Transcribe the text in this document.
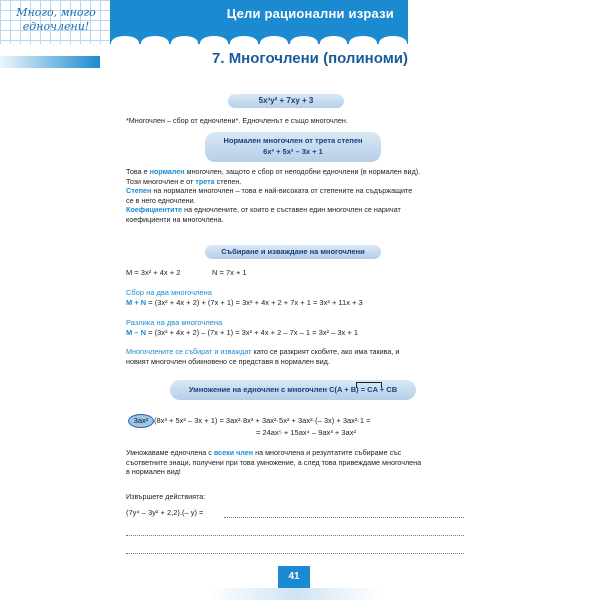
Много, много
едночлени!
Цели рационални изрази
7. Многочлени (полиноми)
5x³y² + 7xy + 3
*Многочлен – сбор от едночлени*. Едночленът е също многочлен.
Нормален многочлен от трета степен
6x³ + 5x² – 3x + 1
Това е нормален многочлен, защото е сбор от неподобни едночлени (в нормален вид).
Този многочлен е от трета степен.
Степен на нормален многочлен – това е най-високата от степените на съдържащите
се в него едночлени.
Коефициентите на едночлените, от които е съставен един многочлен се наричат
коефициенти на многочлена.
Събиране и изваждане на многочлени
M = 3x² + 4x + 2	N = 7x + 1
Сбор на два многочлена
M + N = (3x² + 4x + 2) + (7x + 1) = 3x² + 4x + 2 + 7x + 1 = 3x² + 11x + 3
Разлика на два многочлена
M – N = (3x² + 4x + 2) – (7x + 1) = 3x² + 4x + 2 – 7x – 1 = 3x² – 3x + 1
Многочлените се събират и изваждат като се разкрият скобите, ако има такива, и
новият многочлен обикновено се представя в нормален вид.
Умножение на едночлен с многочлен C(A + B) = CA + CB
3ax² (8x³ + 5x² – 3x + 1) = 3ax²·8x³ + 3ax²·5x² + 3ax²·(– 3x) + 3ax²·1 =
= 24ax⁵ + 15ax⁴ – 9ax³ + 3ax²
Умножаваме едночлена с всеки член на многочлена и резултатите събираме със
съответните знаци, получени при това умножение, а след това привеждаме многочлена
в нормален вид!
Извършете действията:
(7y⁴ – 3y² + 2,2).(– y) =
41
